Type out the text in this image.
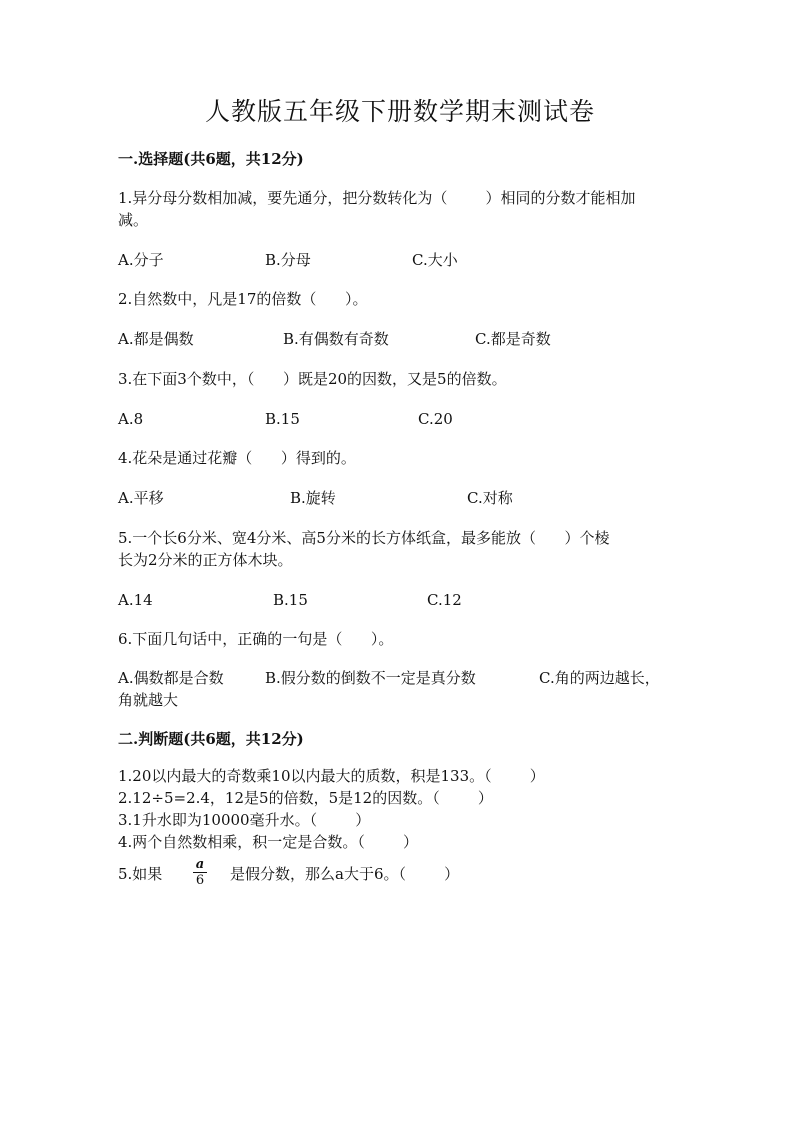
人教版五年级下册数学期末测试卷
一.选择题(共6题，共12分)
1.异分母分数相加减，要先通分，把分数转化为（        ）相同的分数才能相加
减。
A.分子	B.分母	C.大小
2.自然数中，凡是17的倍数（      ）。
A.都是偶数	B.有偶数有奇数	C.都是奇数
3.在下面3个数中，（      ）既是20的因数，又是5的倍数。
A.8	B.15	C.20
4.花朵是通过花瓣（      ）得到的。
A.平移	B.旋转	C.对称
5.一个长6分米、宽4分米、高5分米的长方体纸盒，最多能放（      ）个棱
长为2分米的正方体木块。
A.14	B.15	C.12
6.下面几句话中，正确的一句是（      ）。
A.偶数都是合数	B.假分数的倒数不一定是真分数	C.角的两边越长，
角就越大
二.判断题(共6题，共12分)
1.20以内最大的奇数乘10以内最大的质数，积是133。（        ）
2.12÷5=2.4，12是5的倍数，5是12的因数。（        ）
3.1升水即为10000毫升水。（        ）
4.两个自然数相乘，积一定是合数。（        ）
5.如果 $\frac{a}{6}$ 是假分数，那么a大于6。（        ）
